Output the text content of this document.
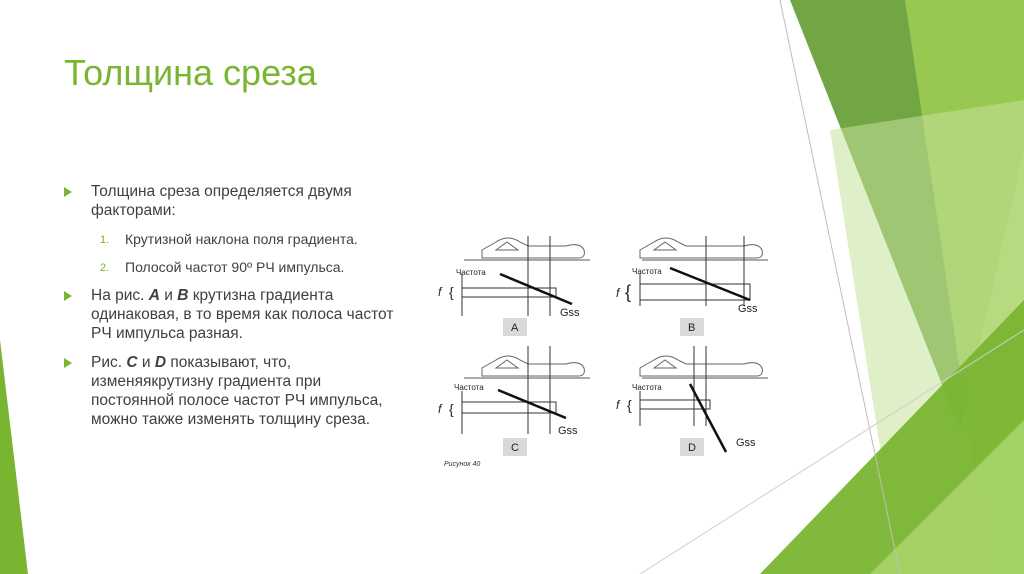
Толщина среза
Толщина среза определяется двумя факторами:
1. Крутизной наклона поля градиента.
2. Полосой частот 90º РЧ импульса.
На рис. A и B крутизна градиента одинаковая, в то время как полоса частот РЧ импульса разная.
Рис. C и D показывают, что, изменяякрутизну градиента при постоянной полосе частот РЧ импульса, можно также изменять толщину среза.
Частота
f {
Gss
A
Частота
f {
Gss
B
Частота
f {
Gss
C
Частота
f {
Gss
D
Рисунок 40
